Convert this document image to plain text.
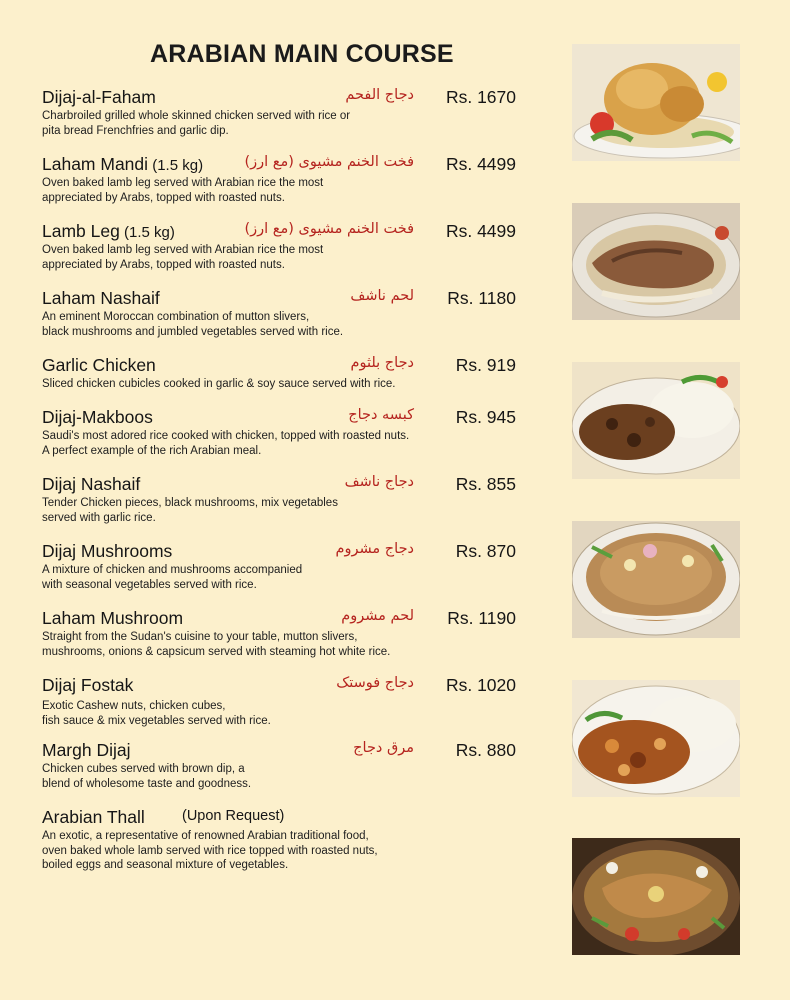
ARABIAN MAIN COURSE
Dijaj-al-Faham	دجاج الفحم Rs. 1670
Charbroiled grilled whole skinned chicken served with rice or
pita bread Frenchfries and garlic dip.
Laham Mandi (1.5 kg)	فخت الخنم مشيوى (مع ارز) Rs. 4499
Oven baked lamb leg served with Arabian rice the most
appreciated by Arabs, topped with roasted nuts.
Lamb Leg (1.5 kg)	فخت الخنم مشيوى (مع ارز) Rs. 4499
Oven baked lamb leg served with Arabian rice the most
appreciated by Arabs, topped with roasted nuts.
Laham Nashaif	لحم ناشف Rs. 1180
An eminent Moroccan combination of mutton slivers,
black mushrooms and jumbled vegetables served with rice.
Garlic Chicken	دجاج بلثوم Rs. 919
Sliced chicken cubicles cooked in garlic & soy sauce served with rice.
Dijaj-Makboos	كبسه دجاج Rs. 945
Saudi's most adored rice cooked with chicken, topped with roasted nuts.
A perfect example of the rich Arabian meal.
Dijaj Nashaif	دجاج ناشف Rs. 855
Tender Chicken pieces, black mushrooms, mix vegetables
served with garlic rice.
Dijaj Mushrooms	دجاج مشروم Rs. 870
A mixture of chicken and mushrooms accompanied
with seasonal vegetables served with rice.
Laham Mushroom	لحم مشروم Rs. 1190
Straight from the Sudan's cuisine to your table, mutton slivers,
mushrooms, onions & capsicum served with steaming hot white rice.
Dijaj Fostak	دجاج فوستک Rs. 1020
Exotic Cashew nuts, chicken cubes,
fish sauce & mix vegetables served with rice.
Margh Dijaj	مرق دجاج Rs. 880
Chicken cubes served with brown dip, a
blend of wholesome taste and goodness.
Arabian Thall	(Upon Request)
An exotic, a representative of renowned Arabian traditional food,
oven baked whole lamb served with rice topped with roasted nuts,
boiled eggs and seasonal mixture of vegetables.
